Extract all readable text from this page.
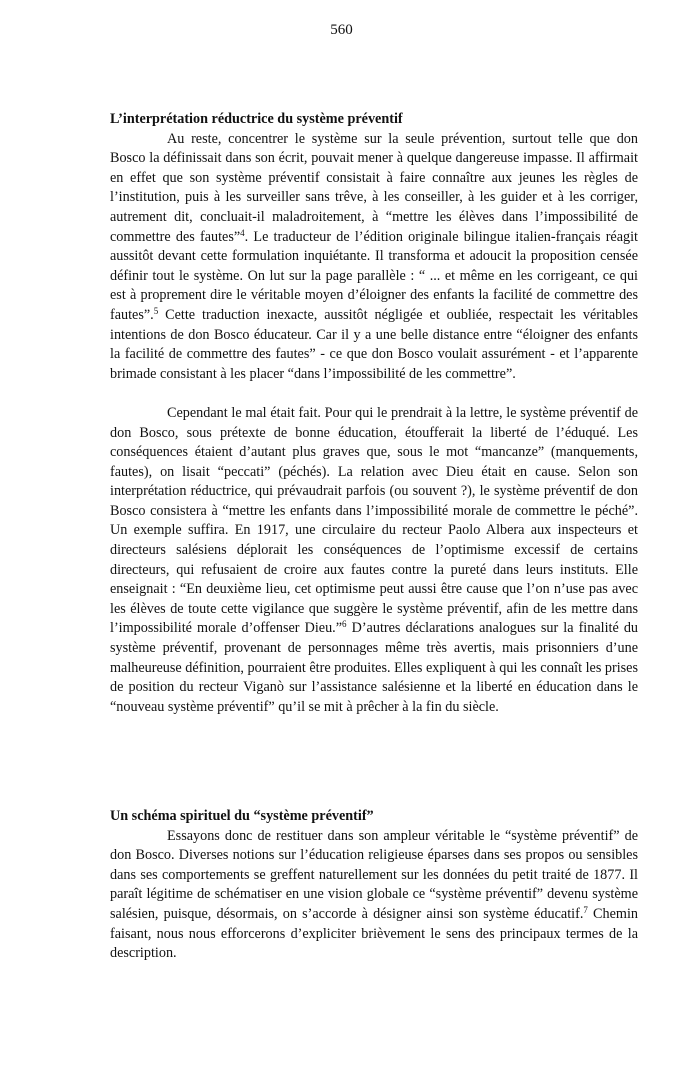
560

L’interprétation réductrice du système préventif

Au reste, concentrer le système sur la seule prévention, surtout telle que don Bosco la définissait dans son écrit, pouvait mener à quelque dangereuse impasse. Il affirmait en effet que son système préventif consistait à faire connaître aux jeunes les règles de l’institution, puis à les surveiller sans trêve, à les conseiller, à les guider et à les corriger, autrement dit, concluait-il maladroitement, à “mettre les élèves dans l’impossibilité de commettre des fautes”$^4$. Le traducteur de l’édition originale bilingue italien-français réagit aussitôt devant cette formulation inquiétante. Il transforma et adoucit la proposition censée définir tout le système. On lut sur la page parallèle : “ ... et même en les corrigeant, ce qui est à proprement dire le véritable moyen d’éloigner des enfants la facilité de commettre des fautes”.$^5$ Cette traduction inexacte, aussitôt négligée et oubliée, respectait les véritables intentions de don Bosco éducateur. Car il y a une belle distance entre “éloigner des enfants la facilité de commettre des fautes” - ce que don Bosco voulait assurément - et l’apparente brimade consistant à les placer “dans l’impossibilité de les commettre”.

Cependant le mal était fait. Pour qui le prendrait à la lettre, le système préventif de don Bosco, sous prétexte de bonne éducation, étoufferait la liberté de l’éduqué. Les conséquences étaient d’autant plus graves que, sous le mot “mancanze” (manquements, fautes), on lisait “peccati” (péchés). La relation avec Dieu était en cause. Selon son interprétation réductrice, qui prévaudrait parfois (ou souvent ?), le système préventif de don Bosco consistera à “mettre les enfants dans l’impossibilité morale de commettre le péché”. Un exemple suffira. En 1917, une circulaire du recteur Paolo Albera aux inspecteurs et directeurs salésiens déplorait les conséquences de l’optimisme excessif de certains directeurs, qui refusaient de croire aux fautes contre la pureté dans leurs instituts. Elle enseignait : “En deuxième lieu, cet optimisme peut aussi être cause que l’on n’use pas avec les élèves de toute cette vigilance que suggère le système préventif, afin de les mettre dans l’impossibilité morale d’offenser Dieu.”$^6$ D’autres déclarations analogues sur la finalité du système préventif, provenant de personnages même très avertis, mais prisonniers d’une malheureuse définition, pourraient être produites. Elles expliquent à qui les connaît les prises de position du recteur Viganò sur l’assistance salésienne et la liberté en éducation dans le “nouveau système préventif” qu’il se mit à prêcher à la fin du siècle.

Un schéma spirituel du “système préventif”

Essayons donc de restituer dans son ampleur véritable le “système préventif” de don Bosco. Diverses notions sur l’éducation religieuse éparses dans ses propos ou sensibles dans ses comportements se greffent naturellement sur les données du petit traité de 1877. Il paraît légitime de schématiser en une vision globale ce “système préventif” devenu système salésien, puisque, désormais, on s’accorde à désigner ainsi son système éducatif.$^7$ Chemin faisant, nous nous efforcerons d’expliciter brièvement le sens des principaux termes de la description.
